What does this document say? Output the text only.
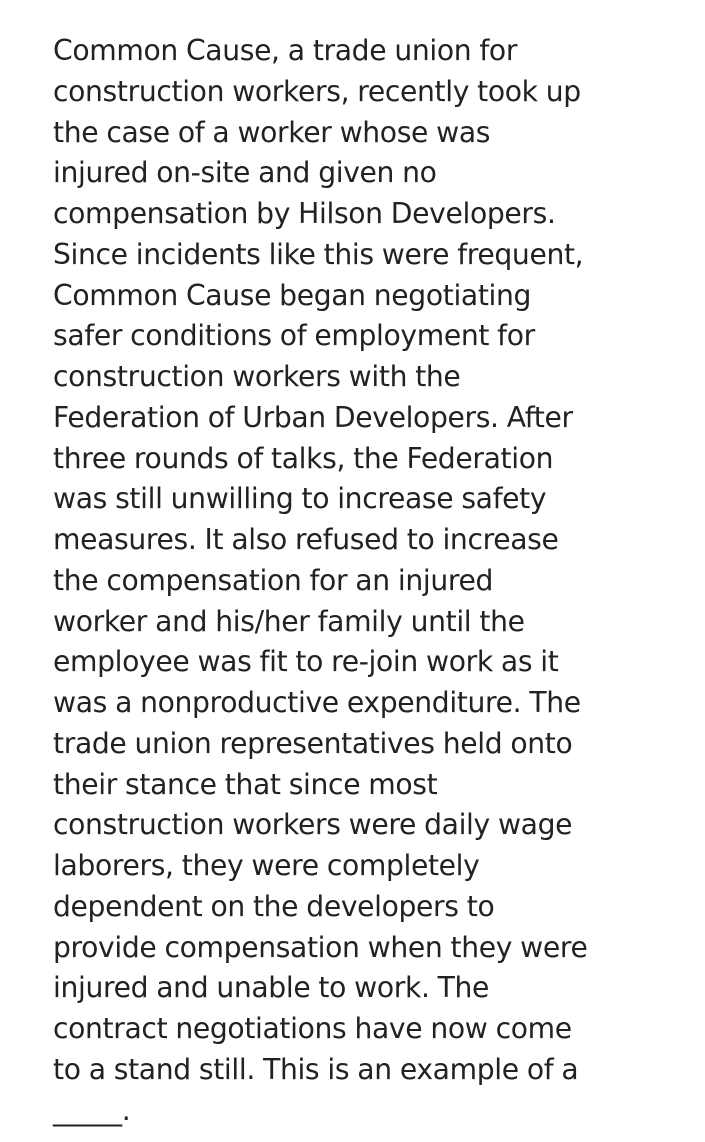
Common Cause, a trade union for
construction workers, recently took up
the case of a worker whose was
injured on-site and given no
compensation by Hilson Developers.
Since incidents like this were frequent,
Common Cause began negotiating
safer conditions of employment for
construction workers with the
Federation of Urban Developers. After
three rounds of talks, the Federation
was still unwilling to increase safety
measures. It also refused to increase
the compensation for an injured
worker and his/her family until the
employee was fit to re-join work as it
was a nonproductive expenditure. The
trade union representatives held onto
their stance that since most
construction workers were daily wage
laborers, they were completely
dependent on the developers to
provide compensation when they were
injured and unable to work. The
contract negotiations have now come
to a stand still. This is an example of a
_____.
